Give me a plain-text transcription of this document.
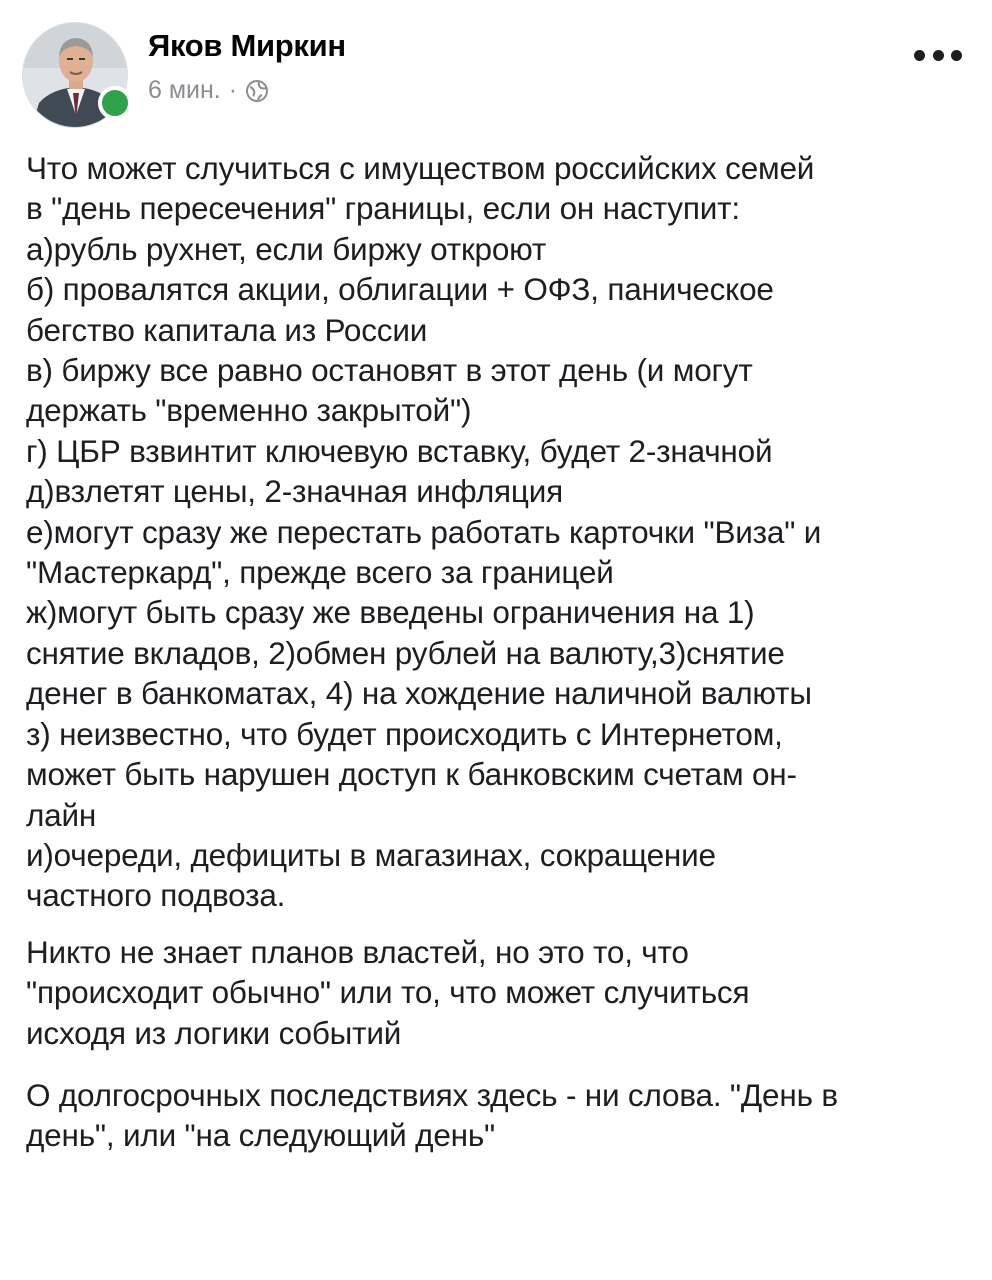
Яков Миркин
6 мин. ·

Что может случиться с имуществом российских семей
в "день пересечения" границы, если он наступит:
а)рубль рухнет, если биржу откроют
б) провалятся акции, облигации + ОФЗ, паническое
бегство капитала из России
в) биржу все равно остановят в этот день (и могут
держать "временно закрытой")
г) ЦБР взвинтит ключевую вставку, будет 2-значной
д)взлетят цены, 2-значная инфляция
е)могут сразу же перестать работать карточки "Виза" и
"Мастеркард", прежде всего за границей
ж)могут быть сразу же введены ограничения на 1)
снятие вкладов, 2)обмен рублей на валюту,3)снятие
денег в банкоматах, 4) на хождение наличной валюты
з) неизвестно, что будет происходить с Интернетом,
может быть нарушен доступ к банковским счетам он-
лайн
и)очереди, дефициты в магазинах, сокращение
частного подвоза.

Никто не знает планов властей, но это то, что
"происходит обычно" или то, что может случиться
исходя из логики событий

О долгосрочных последствиях здесь - ни слова. "День в
день", или "на следующий день"
